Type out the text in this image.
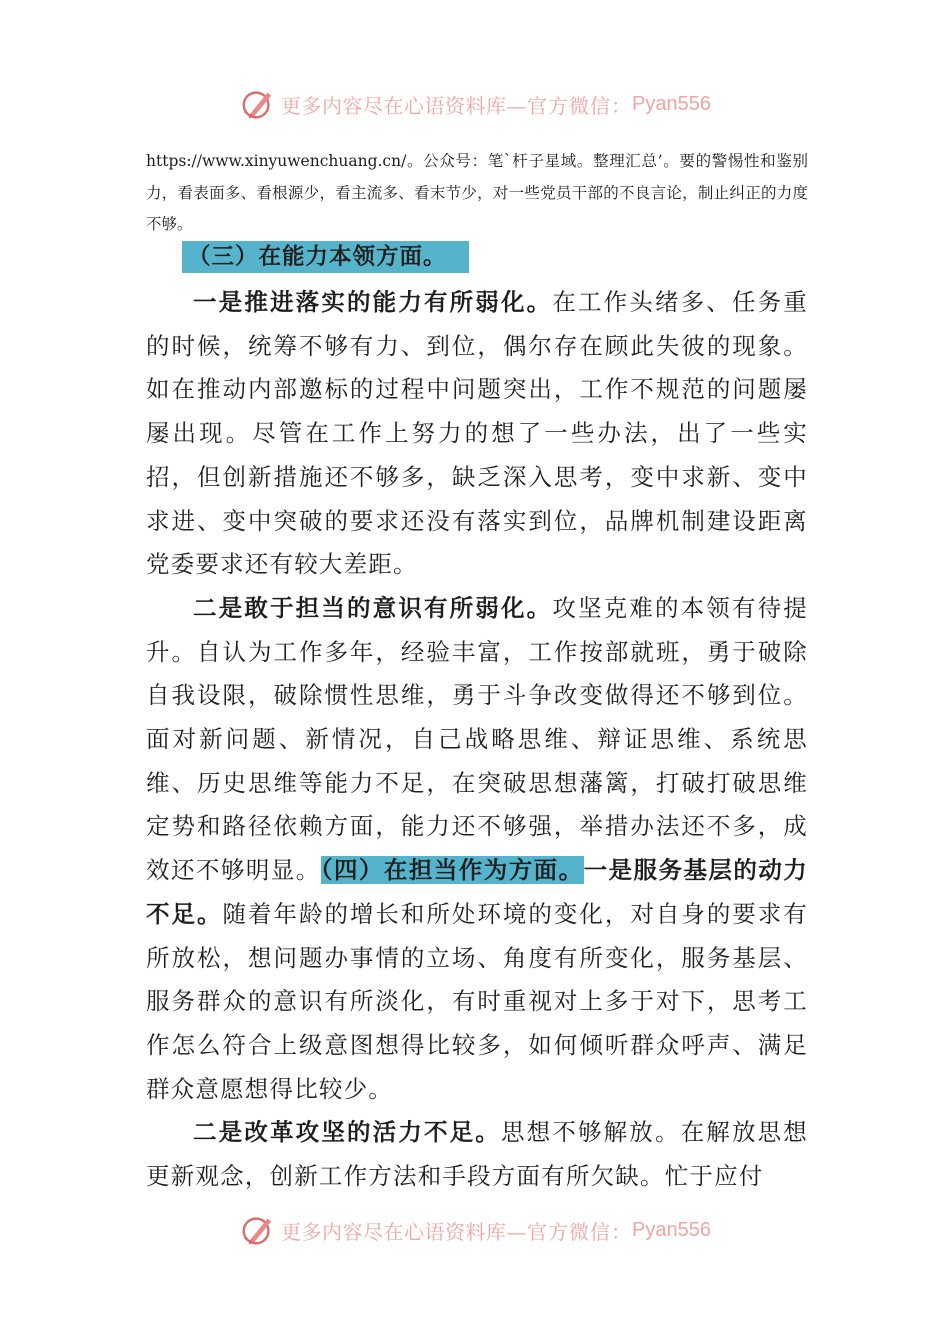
更多内容尽在心语资料库— 官方微信： Pyan556

https://www.xinyuwenchuang.cn/。公众号：笔`杆子星域。整理汇总’。要的警惕性和鉴别力，看表面多、看根源少，看主流多、看末节少，对一些党员干部的不良言论，制止纠正的力度不够。

（三）在能力本领方面。

一是推进落实的能力有所弱化。在工作头绪多、任务重的时候，统筹不够有力、到位，偶尔存在顾此失彼的现象。如在推动内部邀标的过程中问题突出，工作不规范的问题屡屡出现。尽管在工作上努力的想了一些办法，出了一些实招，但创新措施还不够多，缺乏深入思考，变中求新、变中求进、变中突破的要求还没有落实到位，品牌机制建设距离党委要求还有较大差距。

二是敢于担当的意识有所弱化。攻坚克难的本领有待提升。自认为工作多年，经验丰富，工作按部就班，勇于破除自我设限，破除惯性思维，勇于斗争改变做得还不够到位。面对新问题、新情况，自己战略思维、辩证思维、系统思维、历史思维等能力不足，在突破思想藩篱，打破打破思维定势和路径依赖方面，能力还不够强，举措办法还不多，成效还不够明显。（四）在担当作为方面。一是服务基层的动力不足。随着年龄的增长和所处环境的变化，对自身的要求有所放松，想问题办事情的立场、角度有所变化，服务基层、服务群众的意识有所淡化，有时重视对上多于对下，思考工作怎么符合上级意图想得比较多，如何倾听群众呼声、满足群众意愿想得比较少。

二是改革攻坚的活力不足。思想不够解放。在解放思想更新观念，创新工作方法和手段方面有所欠缺。忙于应付

更多内容尽在心语资料库— 官方微信： Pyan556
